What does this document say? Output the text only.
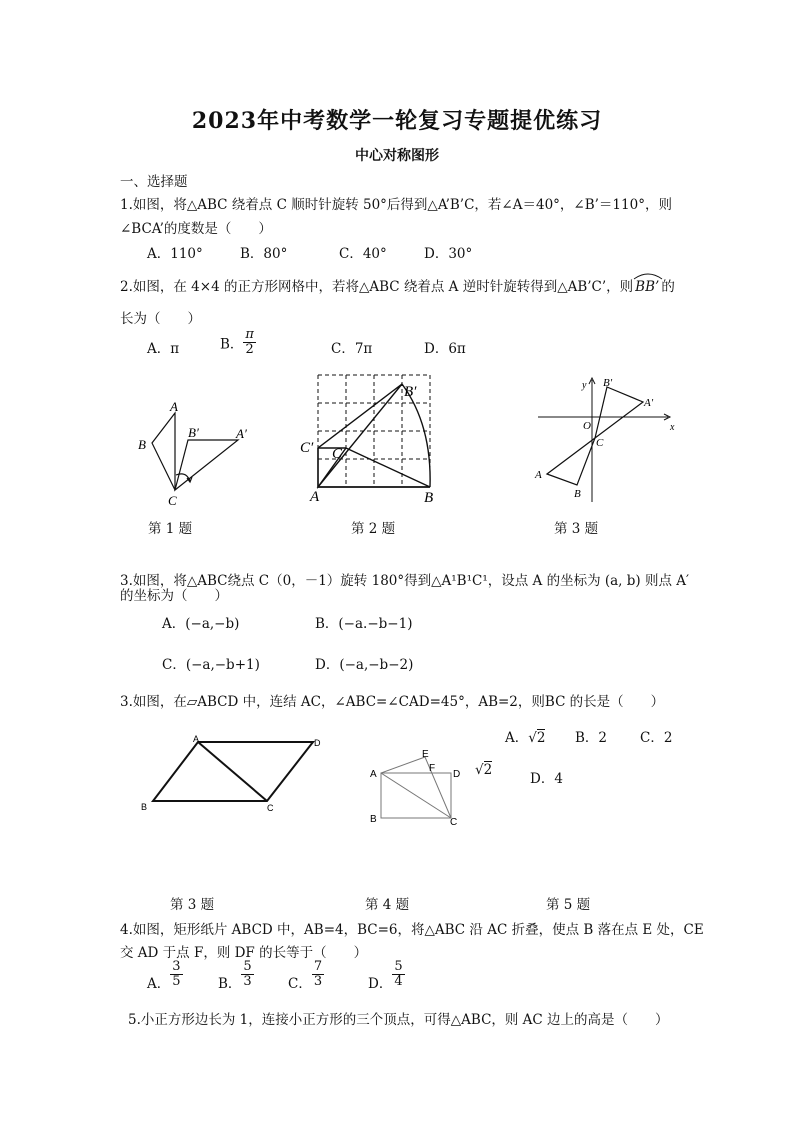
2023年中考数学一轮复习专题提优练习
中心对称图形
一、选择题
1.如图，将△ABC 绕着点 C 顺时针旋转 50°后得到△A’B’C，若∠A＝40°，∠B’＝110°，则
∠BCA’的度数是（　　）
A．110°	B．80°	C．40°	D．30°
2.如图，在 4×4 的正方形网格中，若将△ABC 绕着点 A 逆时针旋转得到△AB’C’，则 BB’ 的
长为（　　）
A．π	B． $\frac{\pi}{2}$	C．7π	D．6π
A
B
C
B′	A′
A	B
C
B′
C′
y
x
O
C
A
B
A′
B′
第 1 题	第 2 题	第 3 题
3.如图，将△ABC绕点 C（0，－1）旋转 180°得到△A¹B¹C¹，设点 A 的坐标为 (a, b) 则点 A′
的坐标为（　　）
A．(−a,−b)	B．(−a.−b−1)
C．(−a,−b+1)	D．(−a,−b−2)
3.如图，在▱ABCD 中，连结 AC，∠ABC=∠CAD=45°，AB=2，则BC 的长是（　　）
A．√2 B．2 C．2
√2
D．4
A	D
B	C
A
E
F
D
B	C
第 3 题	第 4 题	第 5 题
4.如图，矩形纸片 ABCD 中，AB=4，BC=6，将△ABC 沿 AC 折叠，使点 B 落在点 E 处，CE
交 AD 于点 F，则 DF 的长等于（　　）
A． $\frac{3}{5}$	B． $\frac{5}{3}$	C． $\frac{7}{3}$	D． $\frac{5}{4}$
5.小正方形边长为 1，连接小正方形的三个顶点，可得△ABC，则 AC 边上的高是（　　）
